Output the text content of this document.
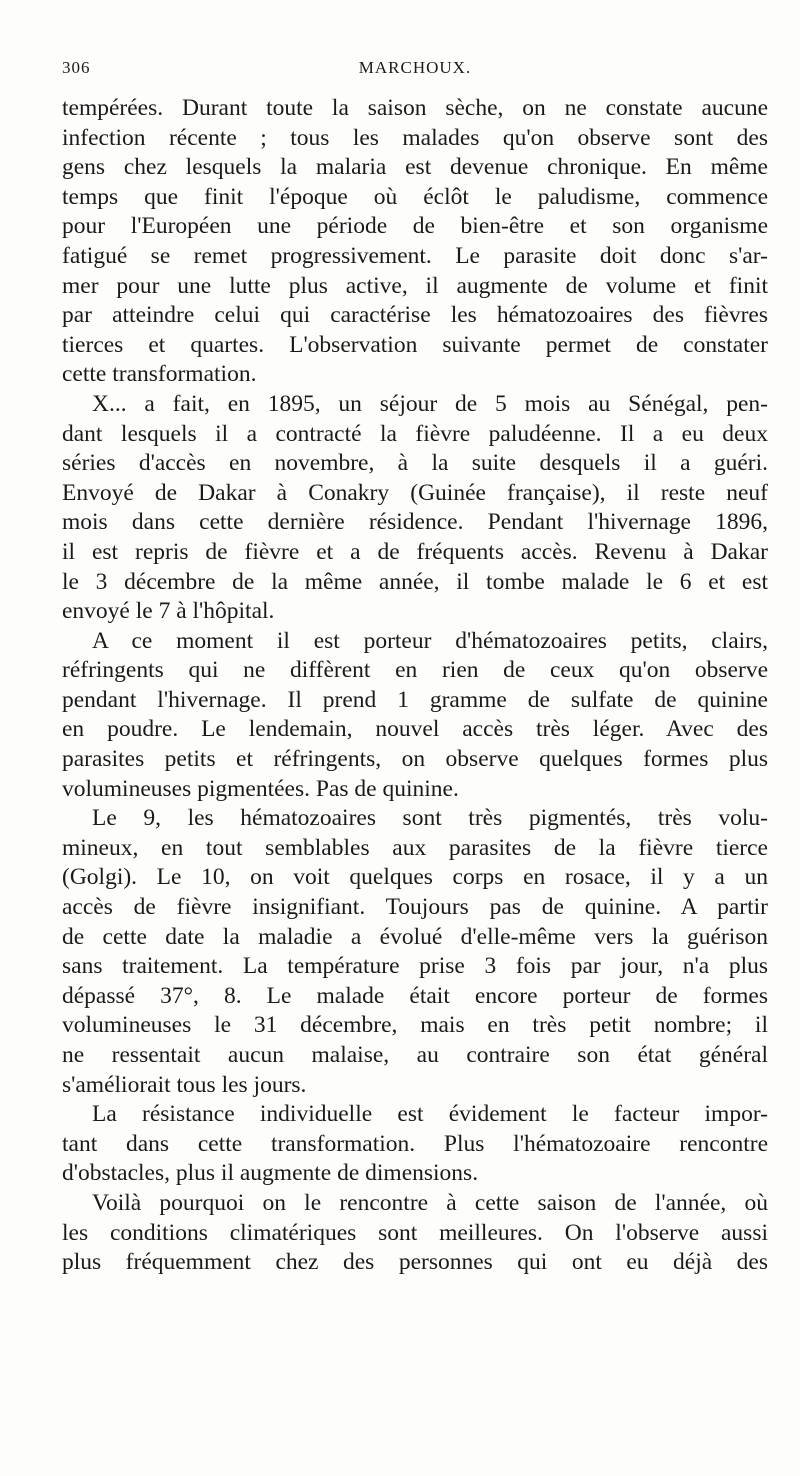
306	MARCHOUX.
tempérées. Durant toute la saison sèche, on ne constate aucune
infection récente ; tous les malades qu'on observe sont des
gens chez lesquels la malaria est devenue chronique. En même
temps que finit l'époque où éclôt le paludisme, commence
pour l'Européen une période de bien-être et son organisme
fatigué se remet progressivement. Le parasite doit donc s'ar-
mer pour une lutte plus active, il augmente de volume et finit
par atteindre celui qui caractérise les hématozoaires des fièvres
tierces et quartes. L'observation suivante permet de constater
cette transformation.
X... a fait, en 1895, un séjour de 5 mois au Sénégal, pen-
dant lesquels il a contracté la fièvre paludéenne. Il a eu deux
séries d'accès en novembre, à la suite desquels il a guéri.
Envoyé de Dakar à Conakry (Guinée française), il reste neuf
mois dans cette dernière résidence. Pendant l'hivernage 1896,
il est repris de fièvre et a de fréquents accès. Revenu à Dakar
le 3 décembre de la même année, il tombe malade le 6 et est
envoyé le 7 à l'hôpital.
A ce moment il est porteur d'hématozoaires petits, clairs,
réfringents qui ne diffèrent en rien de ceux qu'on observe
pendant l'hivernage. Il prend 1 gramme de sulfate de quinine
en poudre. Le lendemain, nouvel accès très léger. Avec des
parasites petits et réfringents, on observe quelques formes plus
volumineuses pigmentées. Pas de quinine.
Le 9, les hématozoaires sont très pigmentés, très volu-
mineux, en tout semblables aux parasites de la fièvre tierce
(Golgi). Le 10, on voit quelques corps en rosace, il y a un
accès de fièvre insignifiant. Toujours pas de quinine. A partir
de cette date la maladie a évolué d'elle-même vers la guérison
sans traitement. La température prise 3 fois par jour, n'a plus
dépassé 37°, 8. Le malade était encore porteur de formes
volumineuses le 31 décembre, mais en très petit nombre; il
ne ressentait aucun malaise, au contraire son état général
s'améliorait tous les jours.
La résistance individuelle est évidement le facteur impor-
tant dans cette transformation. Plus l'hématozoaire rencontre
d'obstacles, plus il augmente de dimensions.
Voilà pourquoi on le rencontre à cette saison de l'année, où
les conditions climatériques sont meilleures. On l'observe aussi
plus fréquemment chez des personnes qui ont eu déjà des
